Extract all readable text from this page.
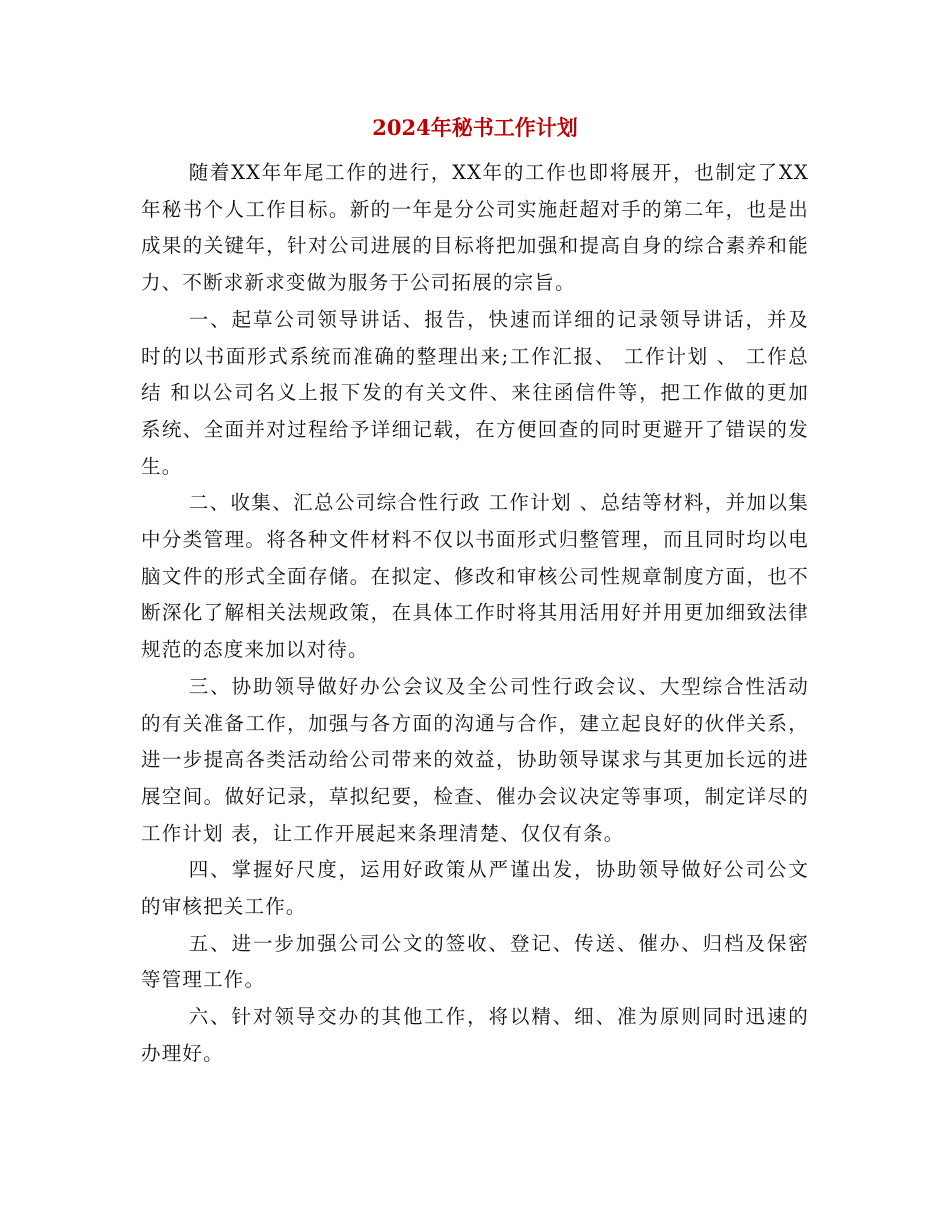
2024年秘书工作计划

随着XX年年尾工作的进行，XX年的工作也即将展开，也制定了XX年秘书个人工作目标。新的一年是分公司实施赶超对手的第二年，也是出成果的关键年，针对公司进展的目标将把加强和提高自身的综合素养和能力、不断求新求变做为服务于公司拓展的宗旨。

一、起草公司领导讲话、报告，快速而详细的记录领导讲话，并及时的以书面形式系统而准确的整理出来;工作汇报、 工作计划 、 工作总结 和以公司名义上报下发的有关文件、来往函信件等，把工作做的更加系统、全面并对过程给予详细记载，在方便回查的同时更避开了错误的发生。

二、收集、汇总公司综合性行政 工作计划 、总结等材料，并加以集中分类管理。将各种文件材料不仅以书面形式归整管理，而且同时均以电脑文件的形式全面存储。在拟定、修改和审核公司性规章制度方面，也不断深化了解相关法规政策，在具体工作时将其用活用好并用更加细致法律规范的态度来加以对待。

三、协助领导做好办公会议及全公司性行政会议、大型综合性活动的有关准备工作，加强与各方面的沟通与合作，建立起良好的伙伴关系，进一步提高各类活动给公司带来的效益，协助领导谋求与其更加长远的进展空间。做好记录，草拟纪要，检查、催办会议决定等事项，制定详尽的 工作计划 表，让工作开展起来条理清楚、仅仅有条。

四、掌握好尺度，运用好政策从严谨出发，协助领导做好公司公文的审核把关工作。

五、进一步加强公司公文的签收、登记、传送、催办、归档及保密等管理工作。

六、针对领导交办的其他工作，将以精、细、准为原则同时迅速的办理好。
